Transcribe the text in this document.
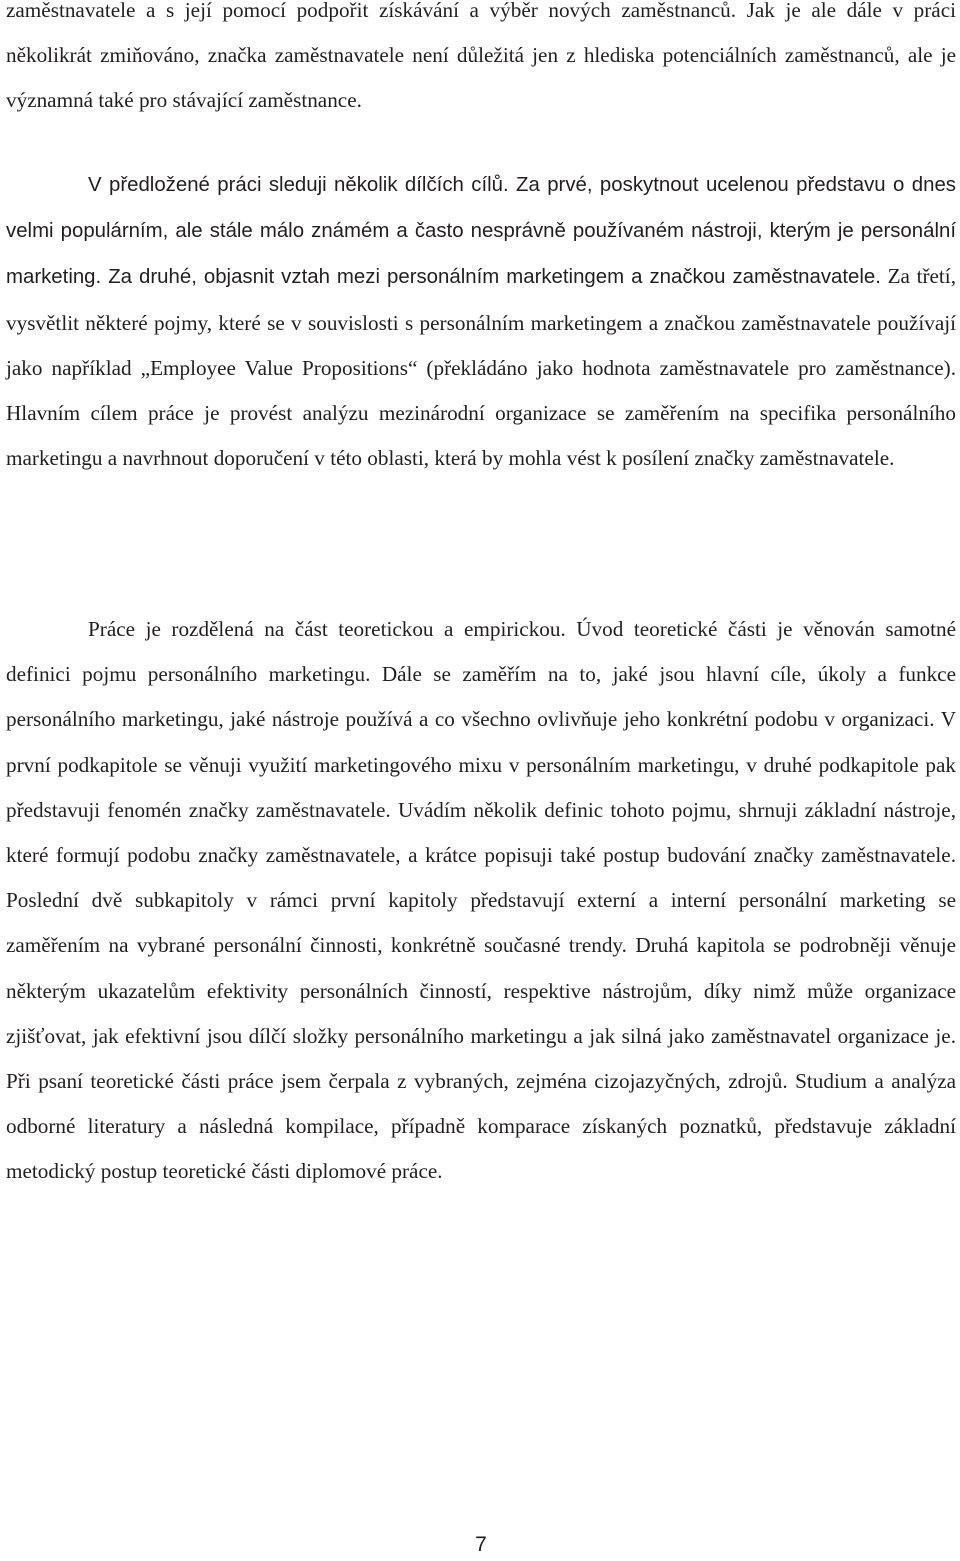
zaměstnavatele a s její pomocí podpořit získávání a výběr nových zaměstnanců. Jak je ale dále v práci několikrát zmiňováno, značka zaměstnavatele není důležitá jen z hlediska potenciálních zaměstnanců, ale je významná také pro stávající zaměstnance.

V předložené práci sleduji několik dílčích cílů. Za prvé, poskytnout ucelenou představu o dnes velmi populárním, ale stále málo známém a často nesprávně používaném nástroji, kterým je personální marketing. Za druhé, objasnit vztah mezi personálním marketingem a značkou zaměstnavatele. Za třetí, vysvětlit některé pojmy, které se v souvislosti s personálním marketingem a značkou zaměstnavatele používají jako například „Employee Value Propositions“ (překládáno jako hodnota zaměstnavatele pro zaměstnance). Hlavním cílem práce je provést analýzu mezinárodní organizace se zaměřením na specifika personálního marketingu a navrhnout doporučení v této oblasti, která by mohla vést k posílení značky zaměstnavatele.

Práce je rozdělená na část teoretickou a empirickou. Úvod teoretické části je věnován samotné definici pojmu personálního marketingu. Dále se zaměřím na to, jaké jsou hlavní cíle, úkoly a funkce personálního marketingu, jaké nástroje používá a co všechno ovlivňuje jeho konkrétní podobu v organizaci. V první podkapitole se věnuji využití marketingového mixu v personálním marketingu, v druhé podkapitole pak představuji fenomén značky zaměstnavatele. Uvádím několik definic tohoto pojmu, shrnuji základní nástroje, které formují podobu značky zaměstnavatele, a krátce popisuji také postup budování značky zaměstnavatele. Poslední dvě subkapitoly v rámci první kapitoly představují externí a interní personální marketing se zaměřením na vybrané personální činnosti, konkrétně současné trendy. Druhá kapitola se podrobněji věnuje některým ukazatelům efektivity personálních činností, respektive nástrojům, díky nimž může organizace zjišťovat, jak efektivní jsou dílčí složky personálního marketingu a jak silná jako zaměstnavatel organizace je. Při psaní teoretické části práce jsem čerpala z vybraných, zejména cizojazyčných, zdrojů. Studium a analýza odborné literatury a následná kompilace, případně komparace získaných poznatků, představuje základní metodický postup teoretické části diplomové práce.

7
